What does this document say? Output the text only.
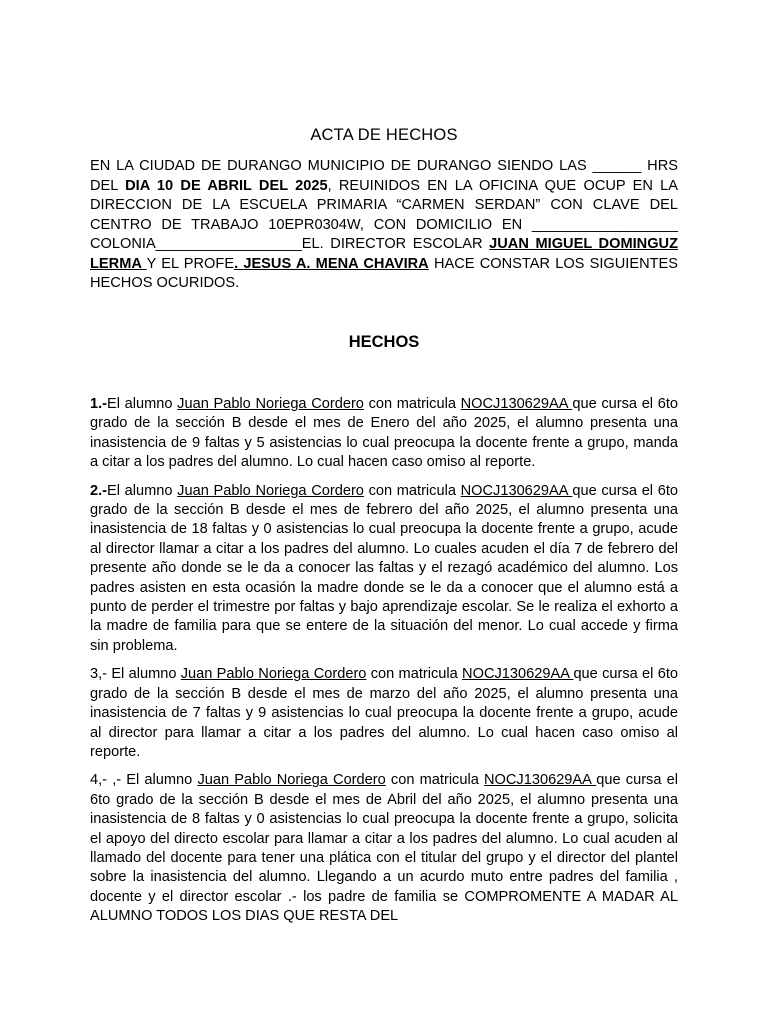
ACTA DE HECHOS
EN LA CIUDAD DE DURANGO MUNICIPIO DE DURANGO SIENDO LAS ______ HRS DEL DIA 10 DE ABRIL DEL 2025, REUINIDOS EN LA OFICINA QUE OCUP EN LA DIRECCION DE LA ESCUELA PRIMARIA “CARMEN SERDAN” CON CLAVE DEL CENTRO DE TRABAJO 10EPR0304W, CON DOMICILIO EN __________________ COLONIA__________________EL. DIRECTOR ESCOLAR JUAN MIGUEL DOMINGUZ LERMA Y EL PROFE. JESUS A. MENA CHAVIRA HACE CONSTAR LOS SIGUIENTES HECHOS OCURIDOS.
HECHOS

1.-El alumno Juan Pablo Noriega Cordero con matricula NOCJ130629AA que cursa el 6to grado de la sección B desde el mes de Enero del año 2025, el alumno presenta una inasistencia de 9 faltas y 5 asistencias lo cual preocupa la docente frente a grupo, manda a citar a los padres del alumno. Lo cual hacen caso omiso al reporte.

2.-El alumno Juan Pablo Noriega Cordero con matricula NOCJ130629AA que cursa el 6to grado de la sección B desde el mes de febrero del año 2025, el alumno presenta una inasistencia de 18 faltas y 0 asistencias lo cual preocupa la docente frente a grupo, acude al director llamar a citar a los padres del alumno. Lo cuales acuden el día 7 de febrero del presente año donde se le da a conocer las faltas y el rezagó académico del alumno. Los padres asisten en esta ocasión la madre donde se le da a conocer que el alumno está a punto de perder el trimestre por faltas y bajo aprendizaje escolar. Se le realiza el exhorto a la madre de familia para que se entere de la situación del menor. Lo cual accede y firma sin problema.

3,- El alumno Juan Pablo Noriega Cordero con matricula NOCJ130629AA que cursa el 6to grado de la sección B desde el mes de marzo del año 2025, el alumno presenta una inasistencia de 7 faltas y 9 asistencias lo cual preocupa la docente frente a grupo, acude al director para llamar a citar a los padres del alumno. Lo cual hacen caso omiso al reporte.

4,- ,- El alumno Juan Pablo Noriega Cordero con matricula NOCJ130629AA que cursa el 6to grado de la sección B desde el mes de Abril del año 2025, el alumno presenta una inasistencia de 8 faltas y 0 asistencias lo cual preocupa la docente frente a grupo, solicita el apoyo del directo escolar para llamar a citar a los padres del alumno. Lo cual acuden al llamado del docente para tener una plática con el titular del grupo y el director del plantel sobre la inasistencia del alumno. Llegando a un acurdo muto entre padres del familia , docente y el director escolar .- los padre de familia se COMPROMENTE A MADAR AL ALUMNO TODOS LOS DIAS QUE RESTA DEL
